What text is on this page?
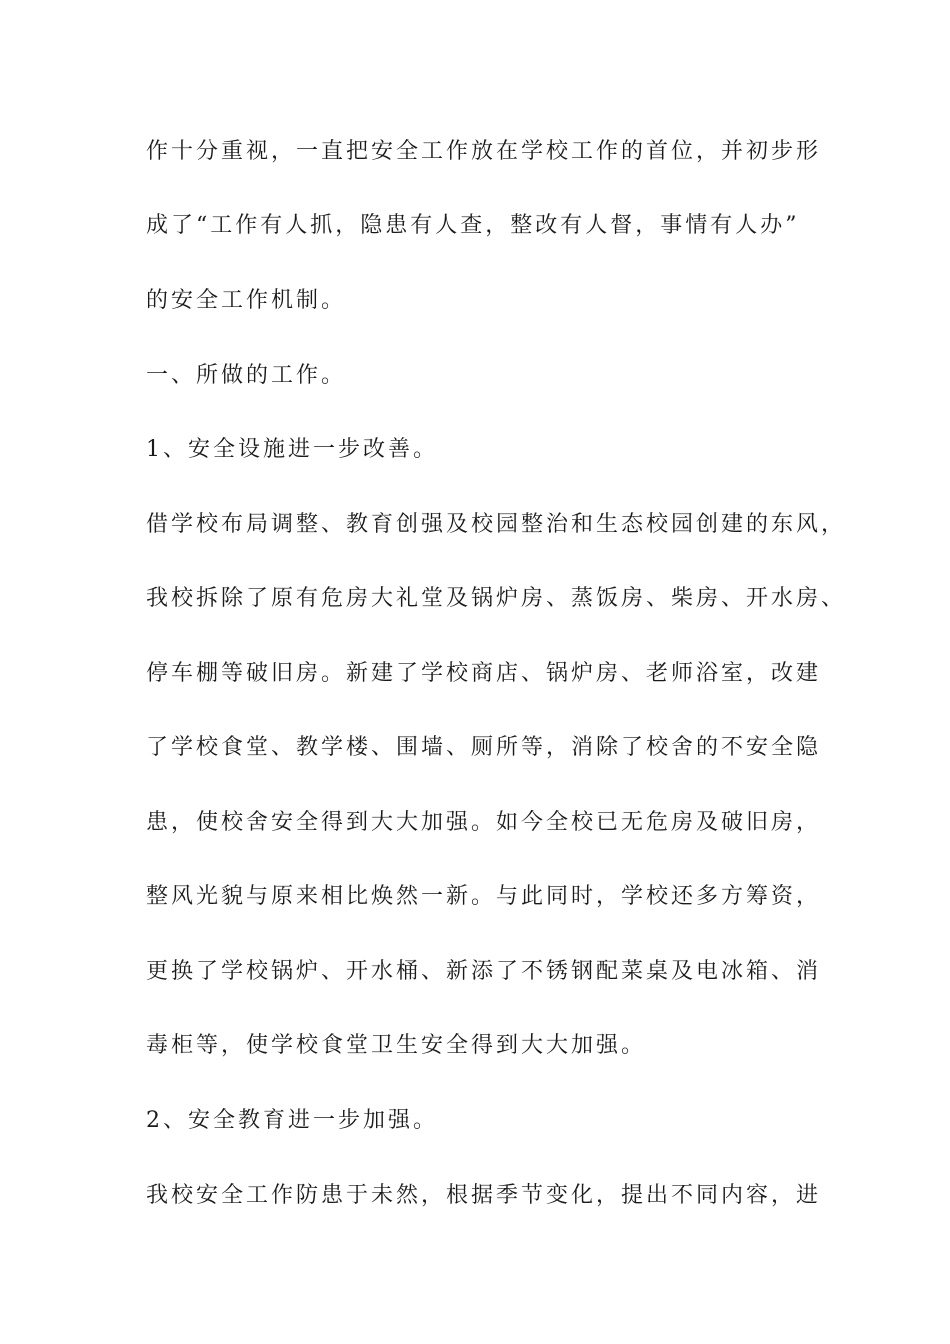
作十分重视，一直把安全工作放在学校工作的首位，并初步形

成了“工作有人抓，隐患有人查，整改有人督，事情有人办”

的安全工作机制。

一、所做的工作。

1、安全设施进一步改善。

借学校布局调整、教育创强及校园整治和生态校园创建的东风，

我校拆除了原有危房大礼堂及锅炉房、蒸饭房、柴房、开水房、

停车棚等破旧房。新建了学校商店、锅炉房、老师浴室，改建

了学校食堂、教学楼、围墙、厕所等，消除了校舍的不安全隐

患，使校舍安全得到大大加强。如今全校已无危房及破旧房，

整风光貌与原来相比焕然一新。与此同时，学校还多方筹资，

更换了学校锅炉、开水桶、新添了不锈钢配菜桌及电冰箱、消

毒柜等，使学校食堂卫生安全得到大大加强。

2、安全教育进一步加强。

我校安全工作防患于未然，根据季节变化，提出不同内容，进
